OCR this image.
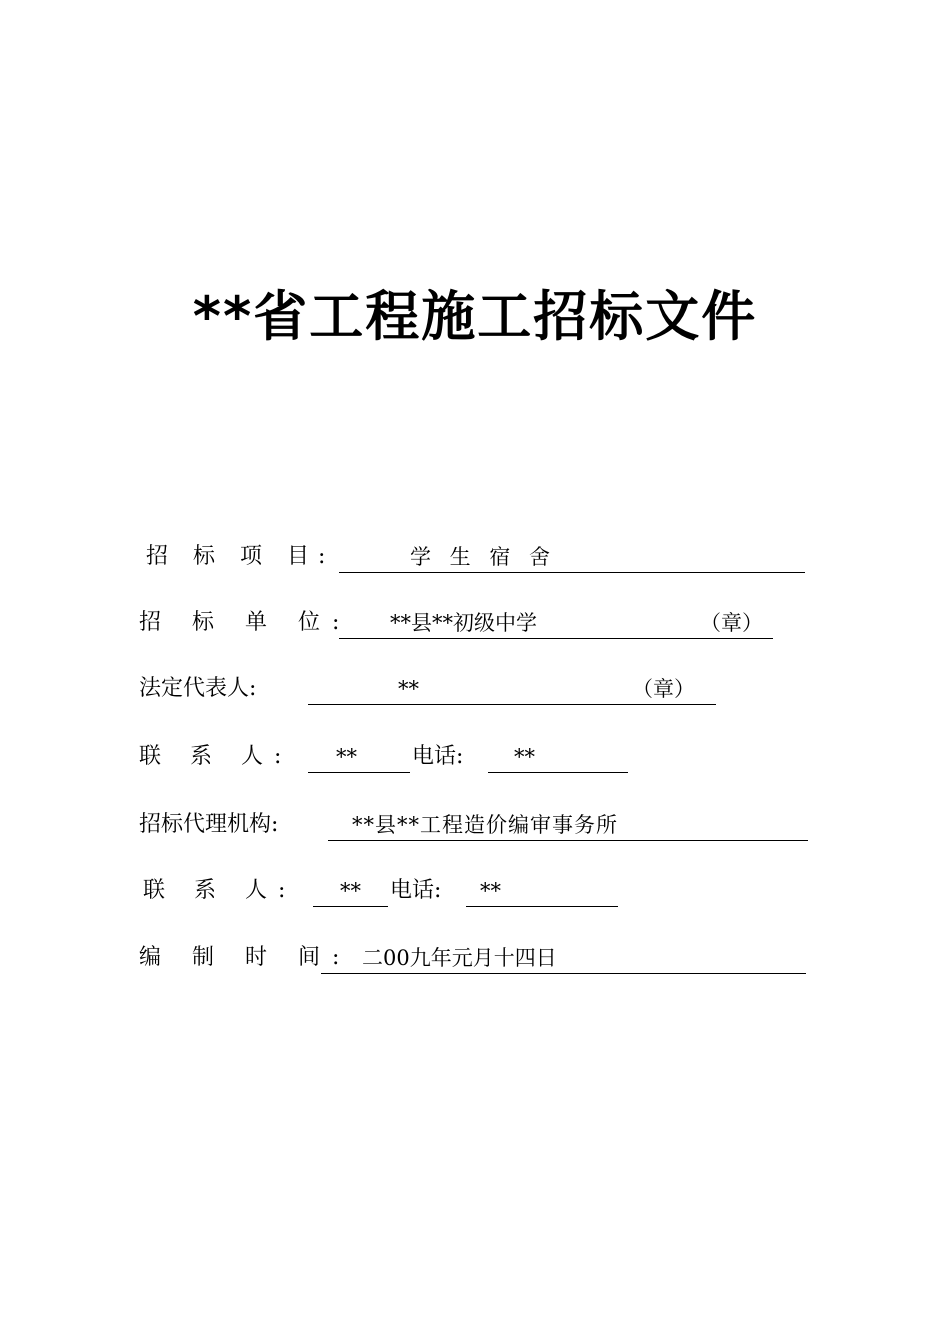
**省工程施工招标文件
招 标 项 目:	学 生 宿 舍
招 标 单 位: **县**初级中学	（章）
法定代表人:	**	（章）
联 系 人: **	电话: **
招标代理机构:	**县**工程造价编审事务所
联 系 人: ** 电话: **
编 制 时 间: 二00九年元月十四日
